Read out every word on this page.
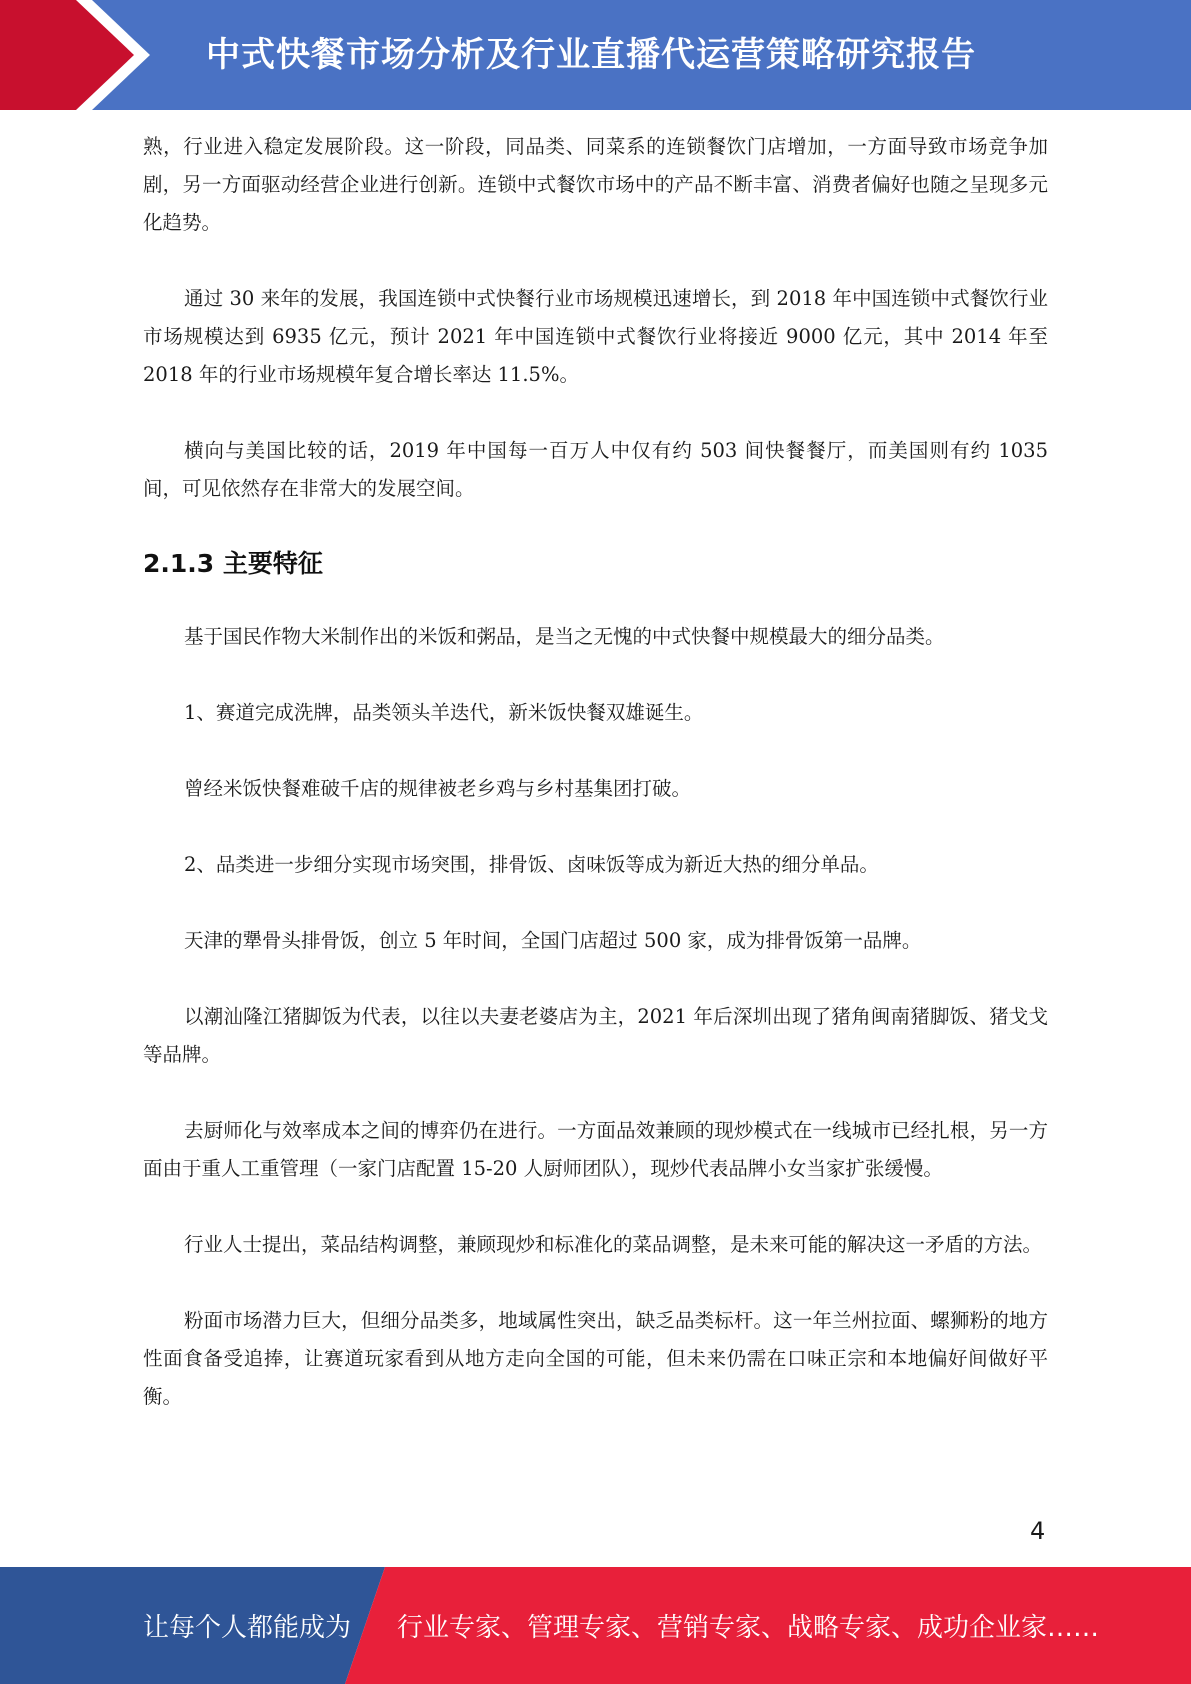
中式快餐市场分析及行业直播代运营策略研究报告

熟，行业进入稳定发展阶段。这一阶段，同品类、同菜系的连锁餐饮门店增加，一方面导致市场竞争加剧，另一方面驱动经营企业进行创新。连锁中式餐饮市场中的产品不断丰富、消费者偏好也随之呈现多元化趋势。

通过 30 来年的发展，我国连锁中式快餐行业市场规模迅速增长，到 2018 年中国连锁中式餐饮行业市场规模达到 6935 亿元，预计 2021 年中国连锁中式餐饮行业将接近 9000 亿元，其中 2014 年至 2018 年的行业市场规模年复合增长率达 11.5%。

横向与美国比较的话，2019 年中国每一百万人中仅有约 503 间快餐餐厅，而美国则有约 1035 间，可见依然存在非常大的发展空间。

2.1.3 主要特征

基于国民作物大米制作出的米饭和粥品，是当之无愧的中式快餐中规模最大的细分品类。

1、赛道完成洗牌，品类领头羊迭代，新米饭快餐双雄诞生。

曾经米饭快餐难破千店的规律被老乡鸡与乡村基集团打破。

2、品类进一步细分实现市场突围，排骨饭、卤味饭等成为新近大热的细分单品。

天津的犟骨头排骨饭，创立 5 年时间，全国门店超过 500 家，成为排骨饭第一品牌。

以潮汕隆江猪脚饭为代表，以往以夫妻老婆店为主，2021 年后深圳出现了猪角闽南猪脚饭、猪戈戈等品牌。

去厨师化与效率成本之间的博弈仍在进行。一方面品效兼顾的现炒模式在一线城市已经扎根，另一方面由于重人工重管理（一家门店配置 15-20 人厨师团队），现炒代表品牌小女当家扩张缓慢。

行业人士提出，菜品结构调整，兼顾现炒和标准化的菜品调整，是未来可能的解决这一矛盾的方法。

粉面市场潜力巨大，但细分品类多，地域属性突出，缺乏品类标杆。这一年兰州拉面、螺狮粉的地方性面食备受追捧，让赛道玩家看到从地方走向全国的可能，但未来仍需在口味正宗和本地偏好间做好平衡。

4
让每个人都能成为 行业专家、管理专家、营销专家、战略专家、成功企业家……
